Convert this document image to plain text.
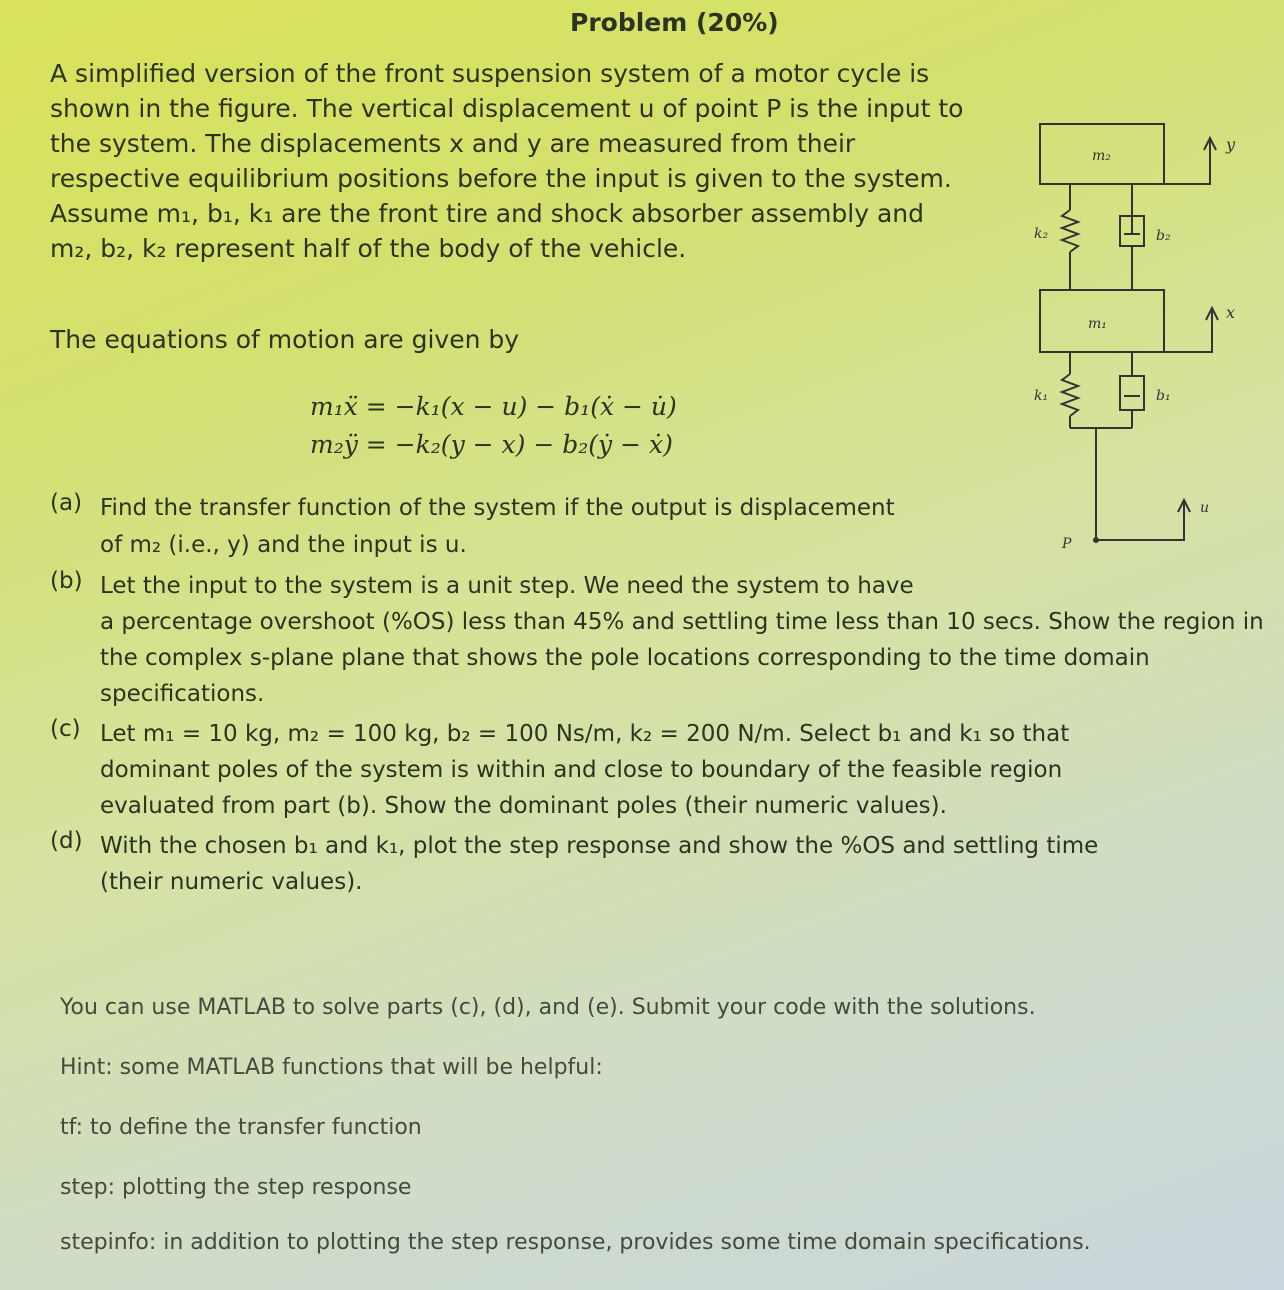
Problem (20%)
A simplified version of the front suspension system of a motor cycle is
shown in the figure. The vertical displacement u of point P is the input to
the system. The displacements x and y are measured from their
respective equilibrium positions before the input is given to the system.
Assume m₁, b₁, k₁ are the front tire and shock absorber assembly and
m₂, b₂, k₂ represent half of the body of the vehicle.

The equations of motion are given by

m₁ẍ = −k₁(x − u) − b₁(ẋ − u̇)
m₂ÿ = −k₂(y − x) − b₂(ẏ − ẋ)
(a) Find the transfer function of the system if the output is displacement
of m₂ (i.e., y) and the input is u.
(b) Let the input to the system is a unit step. We need the system to have
a percentage overshoot (%OS) less than 45% and settling time less than 10 secs. Show the region in
the complex s-plane plane that shows the pole locations corresponding to the time domain
specifications.
(c) Let m₁ = 10 kg, m₂ = 100 kg, b₂ = 100 Ns/m, k₂ = 200 N/m. Select b₁ and k₁ so that
dominant poles of the system is within and close to boundary of the feasible region
evaluated from part (b). Show the dominant poles (their numeric values).
(d) With the chosen b₁ and k₁, plot the step response and show the %OS and settling time
(their numeric values).

You can use MATLAB to solve parts (c), (d), and (e). Submit your code with the solutions.

Hint: some MATLAB functions that will be helpful:

tf: to define the transfer function

step: plotting the step response

stepinfo: in addition to plotting the step response, provides some time domain specifications.

m₂
m₁
k₂
k₁
b₂
b₁
y
x
u
P
